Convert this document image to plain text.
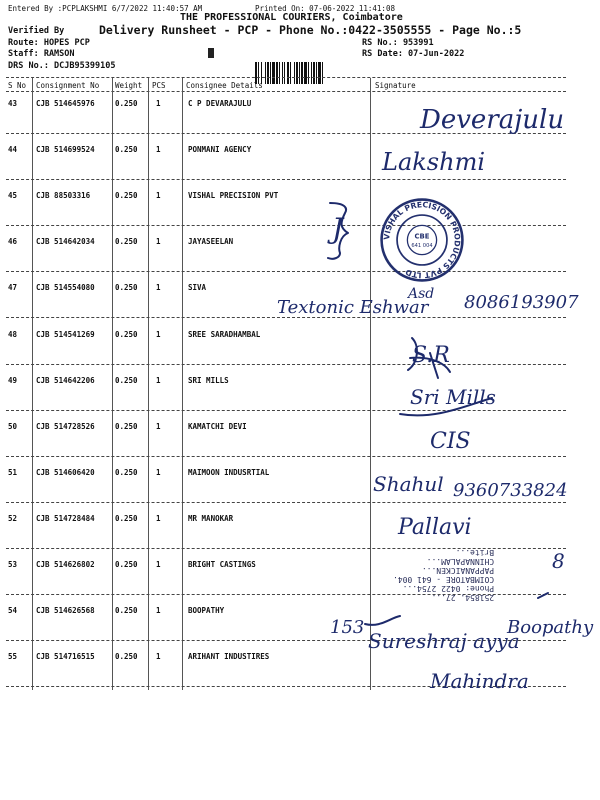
Entered By :PCPLAKSHMI 6/7/2022 11:40:57 AM	Printed On: 07-06-2022 11:41:08
THE PROFESSIONAL COURIERS, Coimbatore
Verified By	Delivery Runsheet - PCP - Phone No.:0422-3505555 - Page No.:5
Route: HOPES PCP
Staff: RAMSON
DRS No.: DCJB95399105
RS No.: 953991
RS Date: 07-Jun-2022
S No Consignment No Weight PCS	Consignee Details	Signature
43	CJB 514645976	0.250 1	C P DEVARAJULU
44	CJB 514699524	0.250 1	PONMANI AGENCY
45	CJB 88503316	0.250 1	VISHAL PRECISION PVT
46	CJB 514642034	0.250 1	JAYASEELAN
47	CJB 514554080	0.250 1	SIVA
48	CJB 514541269	0.250 1	SREE SARADHAMBAL
49	CJB 514642206	0.250 1	SRI MILLS
50	CJB 514728526	0.250 1	KAMATCHI DEVI
51	CJB 514606420	0.250 1	MAIMOON INDUSRTIAL
52	CJB 514728484	0.250 1	MR MANOKAR
53	CJB 514626802	0.250 1	BRIGHT CASTINGS
54	CJB 514626568	0.250 1	BOOPATHY
55	CJB 514716515	0.250 1	ARIHANT INDUSTIRES
VISHAL PRECISION PRODUCTS PVT LTD
CBE
641 004
251854, 27...
Phone: 0422 2754...
COIMBATORE - 641 004.
PAPPANAICKEN...
CHINNAPALAM...
Brite...
Deverajulu
Lakshmi
J
Textonic Eshwar
Asd 8086193907
S.R
Sri Mills
CIS
Shahul 9360733824
Pallavi
8
153
Sureshraj ayya
Boopathy
Mahindra
